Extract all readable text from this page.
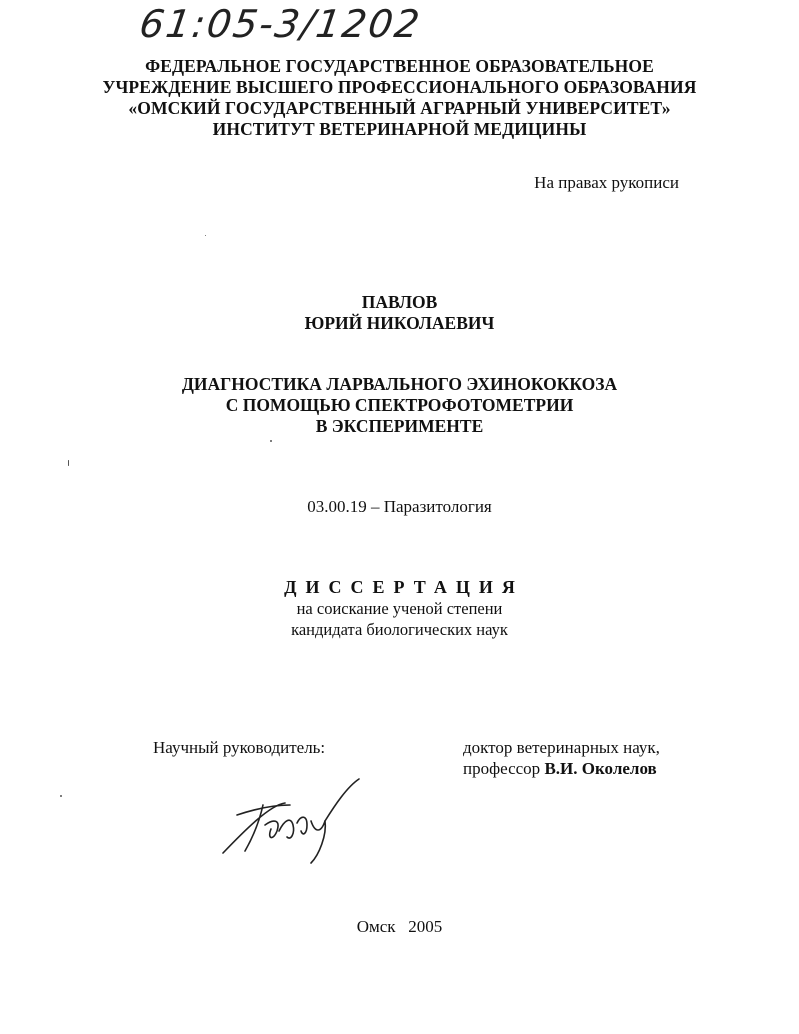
61:05-3/1202
ФЕДЕРАЛЬНОЕ ГОСУДАРСТВЕННОЕ ОБРАЗОВАТЕЛЬНОЕ
УЧРЕЖДЕНИЕ ВЫСШЕГО ПРОФЕССИОНАЛЬНОГО ОБРАЗОВАНИЯ
«ОМСКИЙ ГОСУДАРСТВЕННЫЙ АГРАРНЫЙ УНИВЕРСИТЕТ»
ИНСТИТУТ ВЕТЕРИНАРНОЙ МЕДИЦИНЫ
На правах рукописи
ПАВЛОВ
ЮРИЙ НИКОЛАЕВИЧ
ДИАГНОСТИКА ЛАРВАЛЬНОГО ЭХИНОКОККОЗА
С ПОМОЩЬЮ СПЕКТРОФОТОМЕТРИИ
В ЭКСПЕРИМЕНТЕ
03.00.19 – Паразитология
ДИССЕРТАЦИЯ
на соискание ученой степени
кандидата биологических наук
Научный руководитель:	доктор ветеринарных наук,
профессор В.И. Околелов
Омск 2005
